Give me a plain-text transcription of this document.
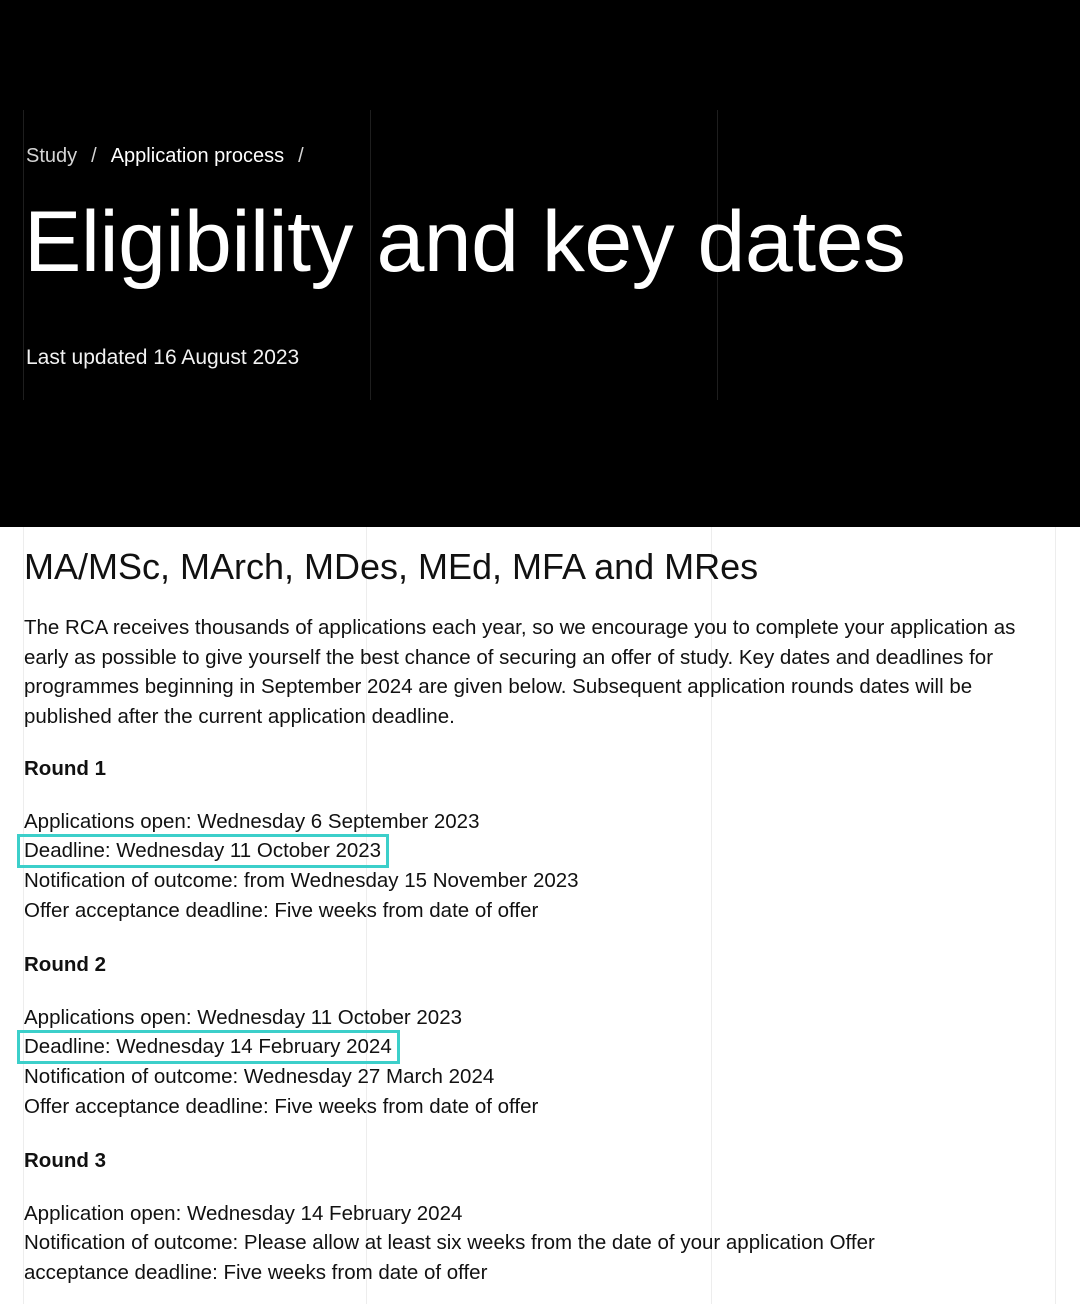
Study / Application process /
Eligibility and key dates
Last updated 16 August 2023
MA/MSc, MArch, MDes, MEd, MFA and MRes

The RCA receives thousands of applications each year, so we encourage you to complete your application as early as possible to give yourself the best chance of securing an offer of study. Key dates and deadlines for programmes beginning in September 2024 are given below. Subsequent application rounds dates will be published after the current application deadline.

Round 1
Applications open: Wednesday 6 September 2023
Deadline: Wednesday 11 October 2023
Notification of outcome: from Wednesday 15 November 2023
Offer acceptance deadline: Five weeks from date of offer
Round 2
Applications open: Wednesday 11 October 2023
Deadline: Wednesday 14 February 2024
Notification of outcome: Wednesday 27 March 2024
Offer acceptance deadline: Five weeks from date of offer
Round 3
Application open: Wednesday 14 February 2024
Notification of outcome: Please allow at least six weeks from the date of your application Offer acceptance deadline: Five weeks from date of offer
